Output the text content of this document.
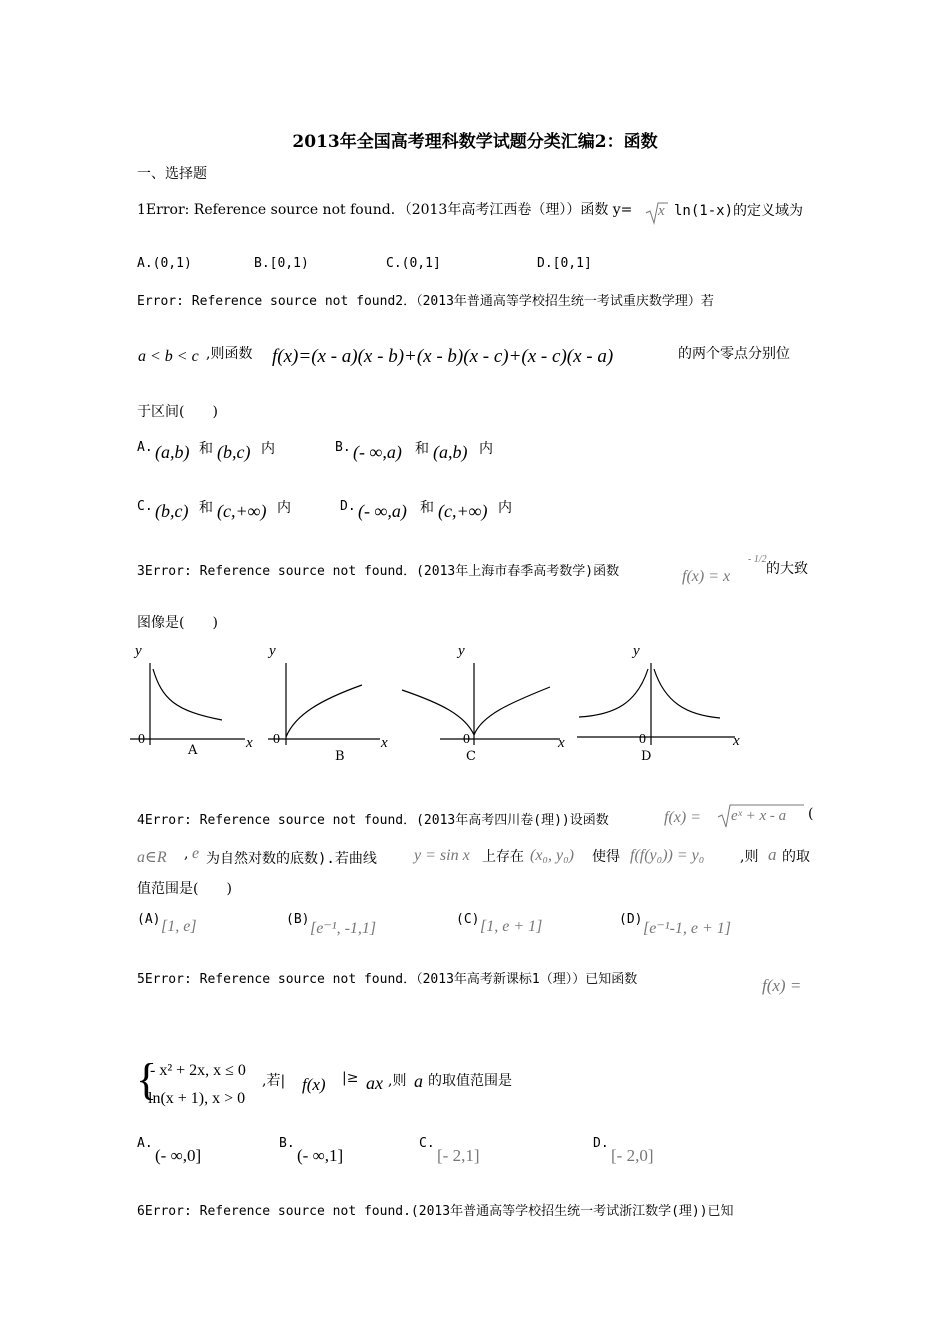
2013年全国高考理科数学试题分类汇编2：函数
一、选择题
1Error: Reference source not found．（2013年高考江西卷（理））函数 y= x ln(1-x)的定义域为
A.(0,1)	B.[0,1)	C.(0,1]	D.[0,1]
Error: Reference source not found2．（2013年普通高等学校招生统一考试重庆数学理）若
a < b < c ,则函数 f(x)=(x - a)(x - b)+(x - b)(x - c)+(x - c)(x - a)	的两个零点分别位
于区间(　　)
A. (a,b) 和 (b,c) 内	B. (- ∞,a) 和 (a,b) 内
C. (b,c) 和 (c,+∞) 内	D. (- ∞,a) 和 (c,+∞) 内
3Error: Reference source not found．(2013年上海市春季高考数学)函数	f(x) = x
- 1/2
的大致
图像是(　　)
y
0	x
A
y
0	x
B
y
0	x
C
y
0	x
D
4Error: Reference source not found．(2013年高考四川卷(理))设函数	f(x) = eˣ + x - a (
a∈R , e 为自然对数的底数).若曲线 y = sin x 上存在 (x₀, y₀) 使得 f(f(y₀)) = y₀	,则 a 的取
值范围是(　　)
(A) [1, e]	(B)
[e⁻¹, -1,1]
(C) [1, e + 1]	(D)
[e⁻¹-1, e + 1]
5Error: Reference source not found．（2013年高考新课标1（理））已知函数	f(x) =
{
- x² + 2x, x ≤ 0
ln(x + 1), x > 0
,若| f(x) |≥ ax ,则 a 的取值范围是
A.
(- ∞,0]
B.
(- ∞,1]
C.
[- 2,1]
D.
[- 2,0]
6Error: Reference source not found.(2013年普通高等学校招生统一考试浙江数学(理))已知
